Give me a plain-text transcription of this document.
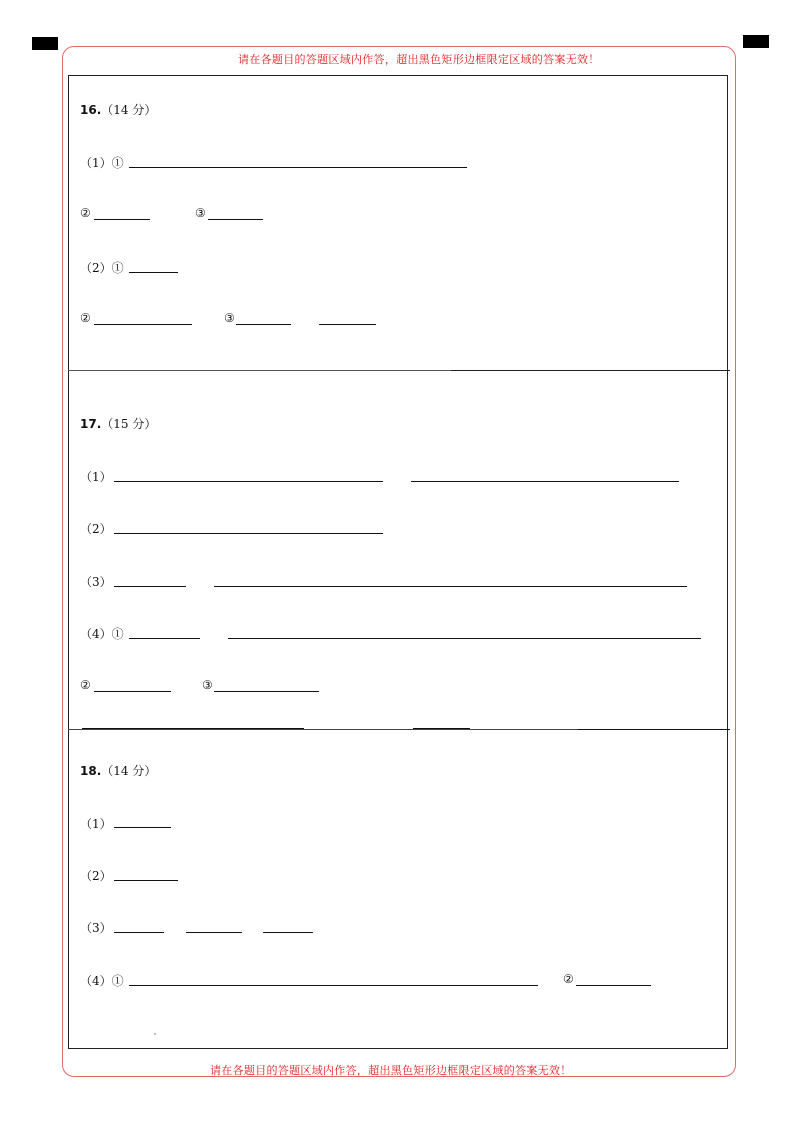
请在各题目的答题区域内作答，超出黑色矩形边框限定区域的答案无效！
请在各题目的答题区域内作答，超出黑色矩形边框限定区域的答案无效！
16.（14 分）
（1）①
②	③
（2）①
②	③
17.（15 分）
（1）
（2）
（3）
（4）①
②	③
18.（14 分）
（1）
（2）
（3）
（4）①	②
